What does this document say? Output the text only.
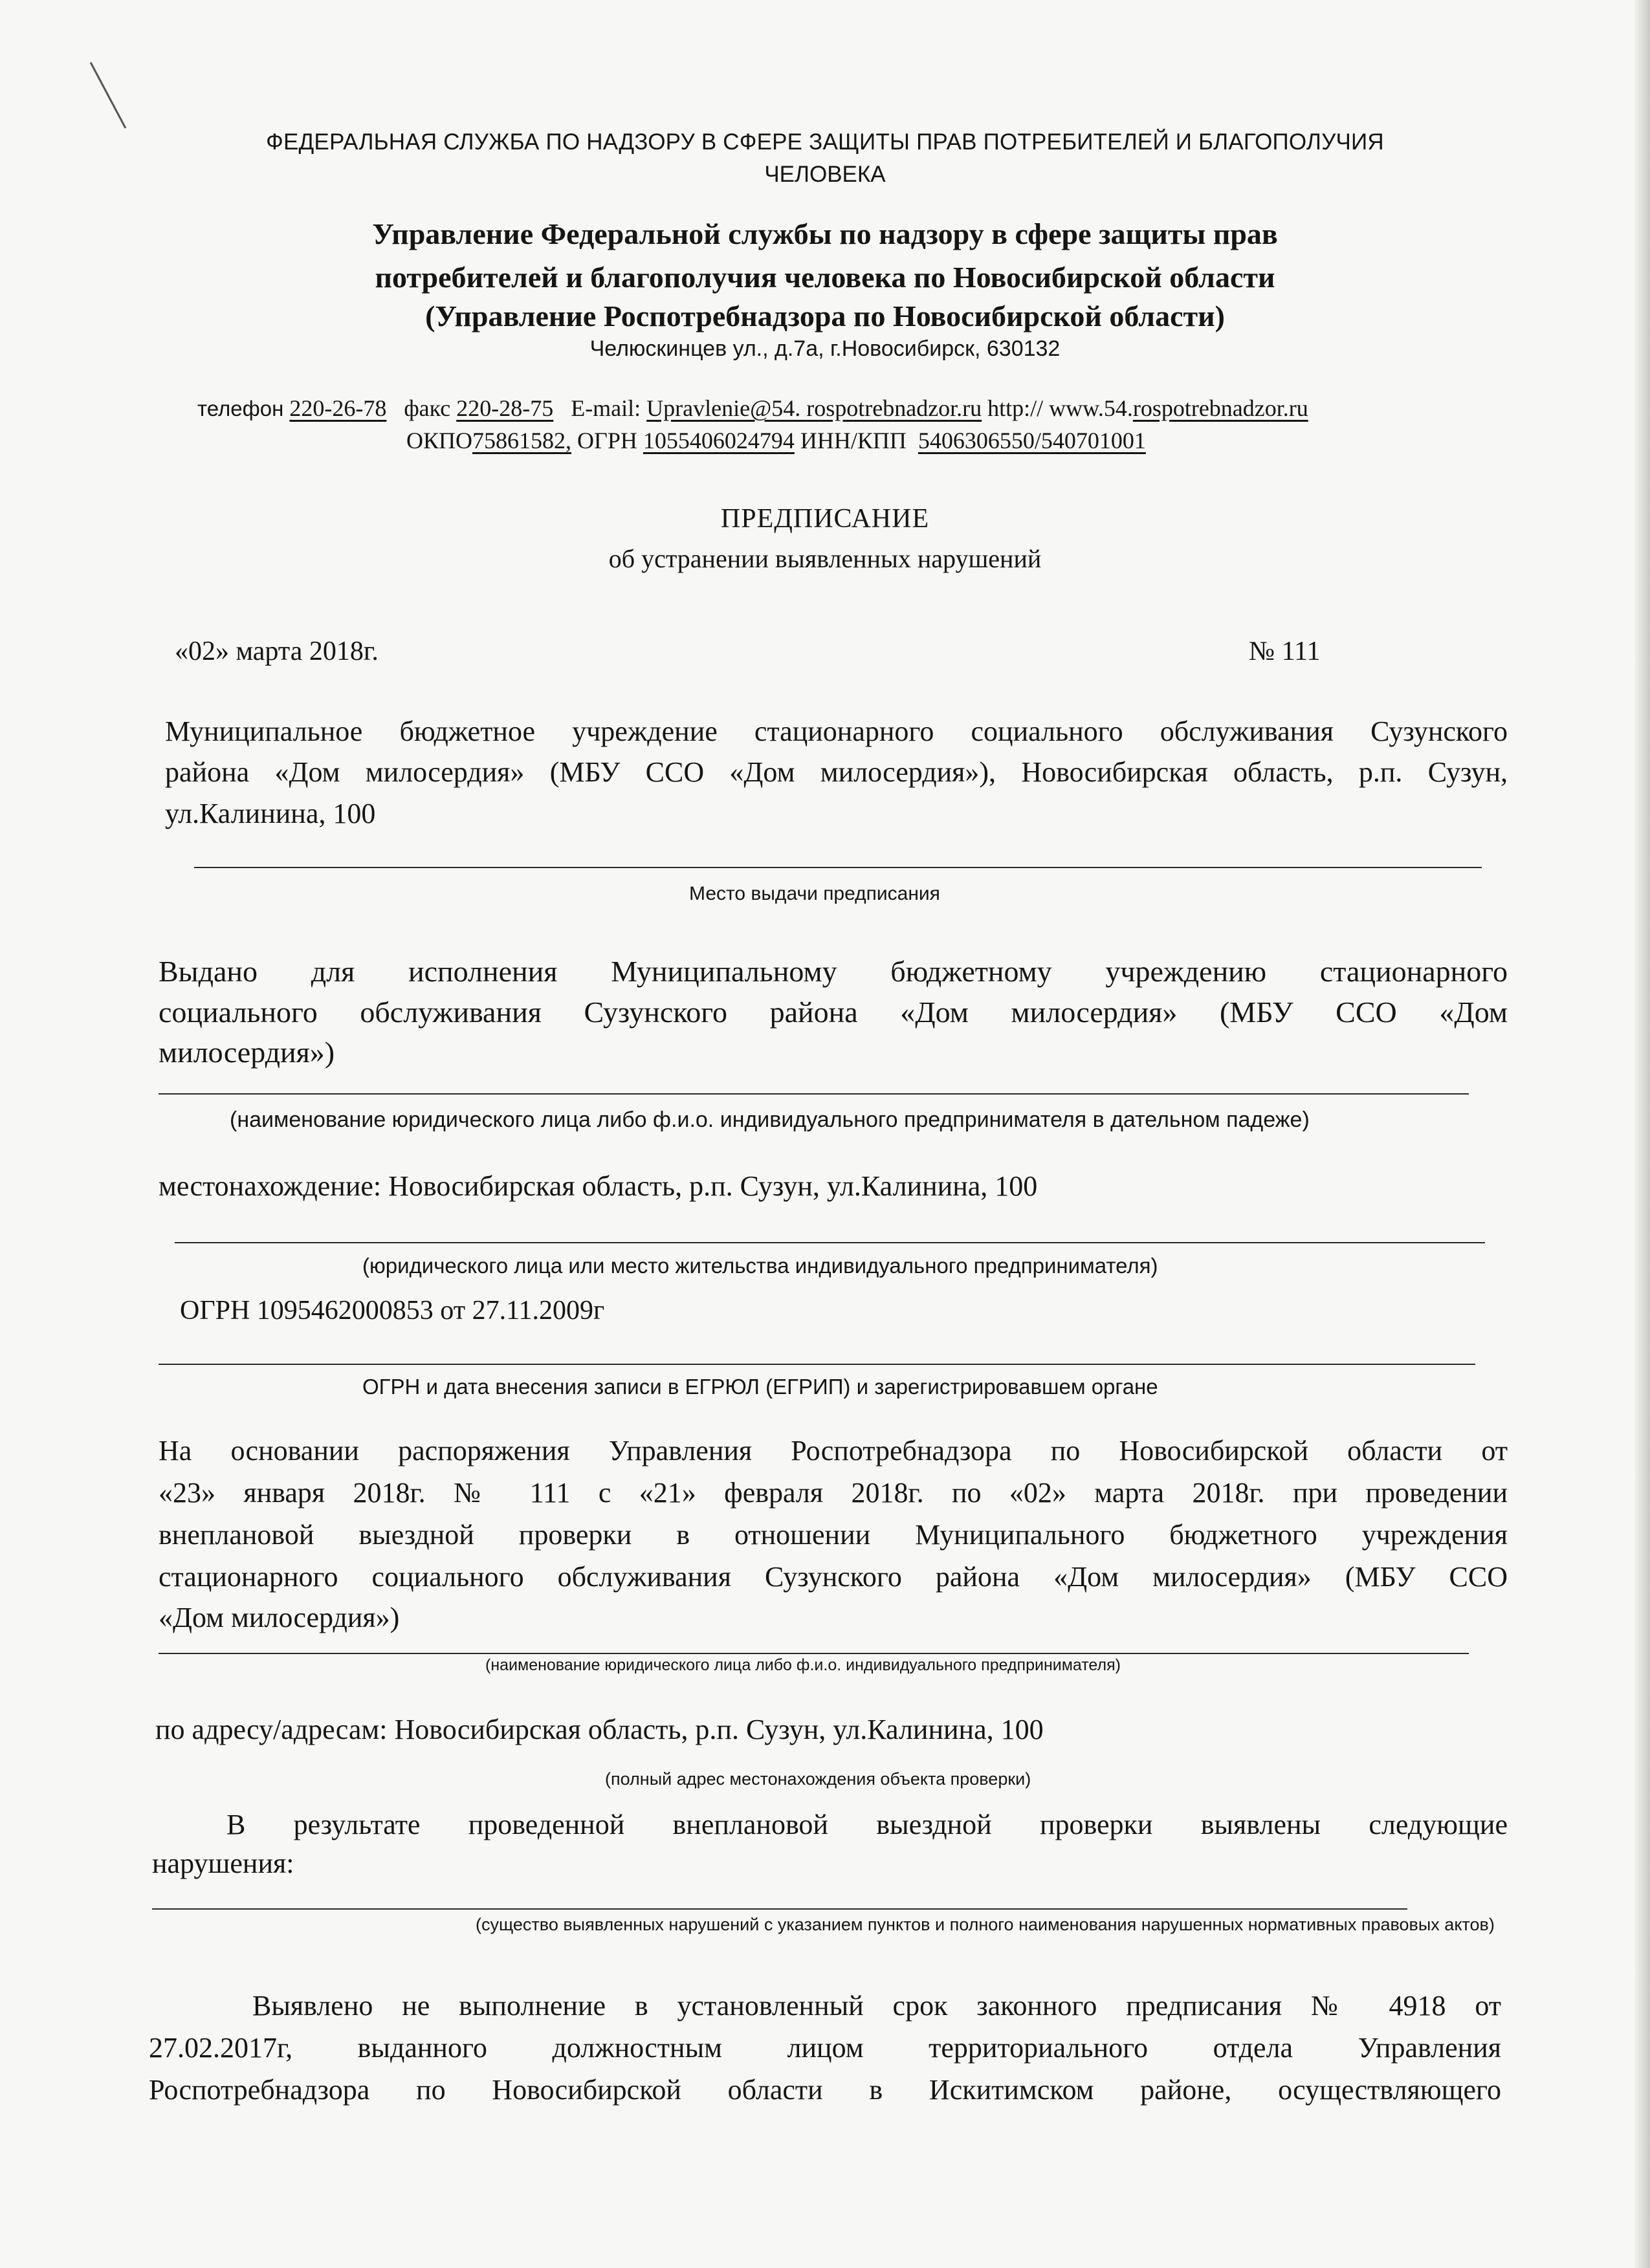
ФЕДЕРАЛЬНАЯ СЛУЖБА ПО НАДЗОРУ В СФЕРЕ ЗАЩИТЫ ПРАВ ПОТРЕБИТЕЛЕЙ И БЛАГОПОЛУЧИЯ
ЧЕЛОВЕКА
Управление Федеральной службы по надзору в сфере защиты прав
потребителей и благополучия человека по Новосибирской области
(Управление Роспотребнадзора по Новосибирской области)
Челюскинцев ул., д.7а, г.Новосибирск, 630132
телефон 220-26-78 факс 220-28-75 E-mail: Upravlenie@54. rospotrebnadzor.ru http:// www.54.rospotrebnadzor.ru
ОКПО75861582, ОГРН 1055406024794 ИНН/КПП 5406306550/540701001
ПРЕДПИСАНИЕ
об устранении выявленных нарушений
«02» марта 2018г.	№ 111
Муниципальное бюджетное учреждение стационарного социального обслуживания Сузунского
района «Дом милосердия» (МБУ ССО «Дом милосердия»), Новосибирская область, р.п. Сузун,
ул.Калинина, 100
Место выдачи предписания
Выдано для исполнения Муниципальному бюджетному учреждению стационарного
социального обслуживания Сузунского района «Дом милосердия» (МБУ ССО «Дом
милосердия»)
(наименование юридического лица либо ф.и.о. индивидуального предпринимателя в дательном падеже)
местонахождение: Новосибирская область, р.п. Сузун, ул.Калинина, 100
(юридического лица или место жительства индивидуального предпринимателя)
ОГРН 1095462000853 от 27.11.2009г
ОГРН и дата внесения записи в ЕГРЮЛ (ЕГРИП) и зарегистрировавшем органе
На основании распоряжения Управления Роспотребнадзора по Новосибирской области от
«23» января 2018г. № 111 с «21» февраля 2018г. по «02» марта 2018г. при проведении
внеплановой выездной проверки в отношении Муниципального бюджетного учреждения
стационарного социального обслуживания Сузунского района «Дом милосердия» (МБУ ССО
«Дом милосердия»)
(наименование юридического лица либо ф.и.о. индивидуального предпринимателя)
по адресу/адресам: Новосибирская область, р.п. Сузун, ул.Калинина, 100
(полный адрес местонахождения объекта проверки)
В результате проведенной внеплановой выездной проверки выявлены следующие
нарушения:
(существо выявленных нарушений с указанием пунктов и полного наименования нарушенных нормативных правовых актов)
Выявлено не выполнение в установленный срок законного предписания № 4918 от
27.02.2017г, выданного должностным лицом территориального отдела Управления
Роспотребнадзора по Новосибирской области в Искитимском районе, осуществляющего
